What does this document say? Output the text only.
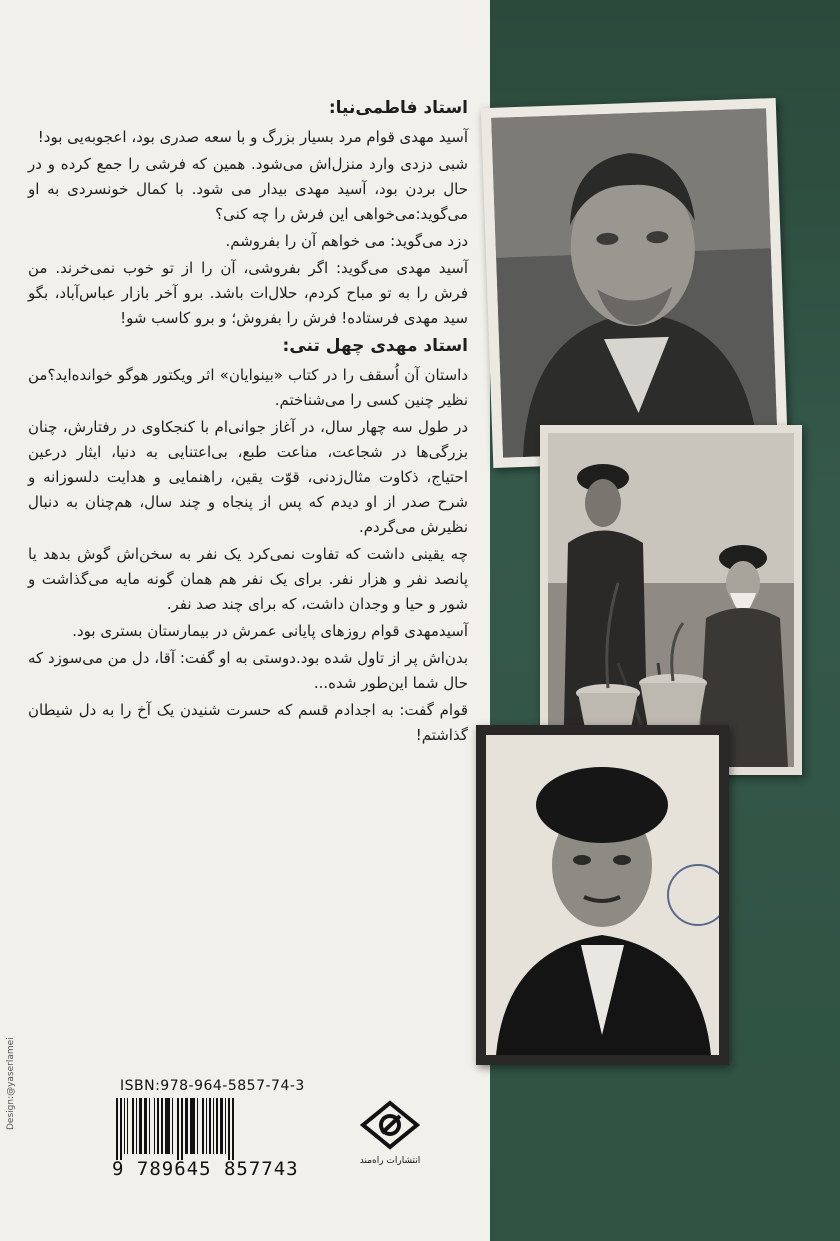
استاد فاطمی‌نیا:

آسید مهدی قوام مرد بسیار بزرگ و با سعه صدری بود، اعجوبه‌یی بود!

شبی دزدی وارد منزل‌اش می‌شود. همین که فرشی را جمع کرده و در حال بردن بود، آسید مهدی بیدار می شود. با کمال خونسردی به او می‌گوید:می‌خواهی این فرش را چه کنی؟

دزد می‌گوید: می خواهم آن را بفروشم.

آسید مهدی می‌گوید: اگر بفروشی، آن را از تو خوب نمی‌خرند. من فرش را به تو مباح کردم، حلال‌ات باشد. برو آخر بازار عباس‌آباد، بگو سید مهدی فرستاده! فرش را بفروش؛ و برو کاسب شو!

استاد مهدی چهل تنی:

داستان آن اُسقف را در کتاب «بینوایان» اثر ویکتور هوگو خوانده‌اید؟من نظیر چنین کسی را می‌شناختم.

در طول سه چهار سال، در آغاز جوانی‌ام با کنجکاوی در رفتارش، چنان بزرگی‌ها در شجاعت، مناعت طبع، بی‌اعتنایی به دنیا، ایثار درعین احتیاج، ذکاوت مثال‌زدنی، قوّت یقین، راهنمایی و هدایت دلسوزانه و شرح صدر از او دیدم که پس از پنجاه و چند سال، هم‌چنان به دنبال نظیرش می‌گردم.

چه یقینی داشت که تفاوت نمی‌کرد یک نفر به سخن‌اش گوش بدهد یا پانصد نفر و هزار نفر. برای یک نفر هم همان گونه مایه می‌گذاشت و شور و حیا و وجدان داشت، که برای چند صد نفر.

آسیدمهدی قوام روزهای پایانی عمرش در بیمارستان بستری بود.

بدن‌اش پر از تاول شده بود.دوستی به او گفت: آقا، دل من می‌سوزد که حال شما این‌طور شده...

قوام گفت: به اجدادم قسم که حسرت شنیدن یک آخ را به دل شیطان گذاشتم!

Design:@yaserlamei	ISBN:978-964-5857-74-3
9 789645 857743	انتشارات راه‌مند
